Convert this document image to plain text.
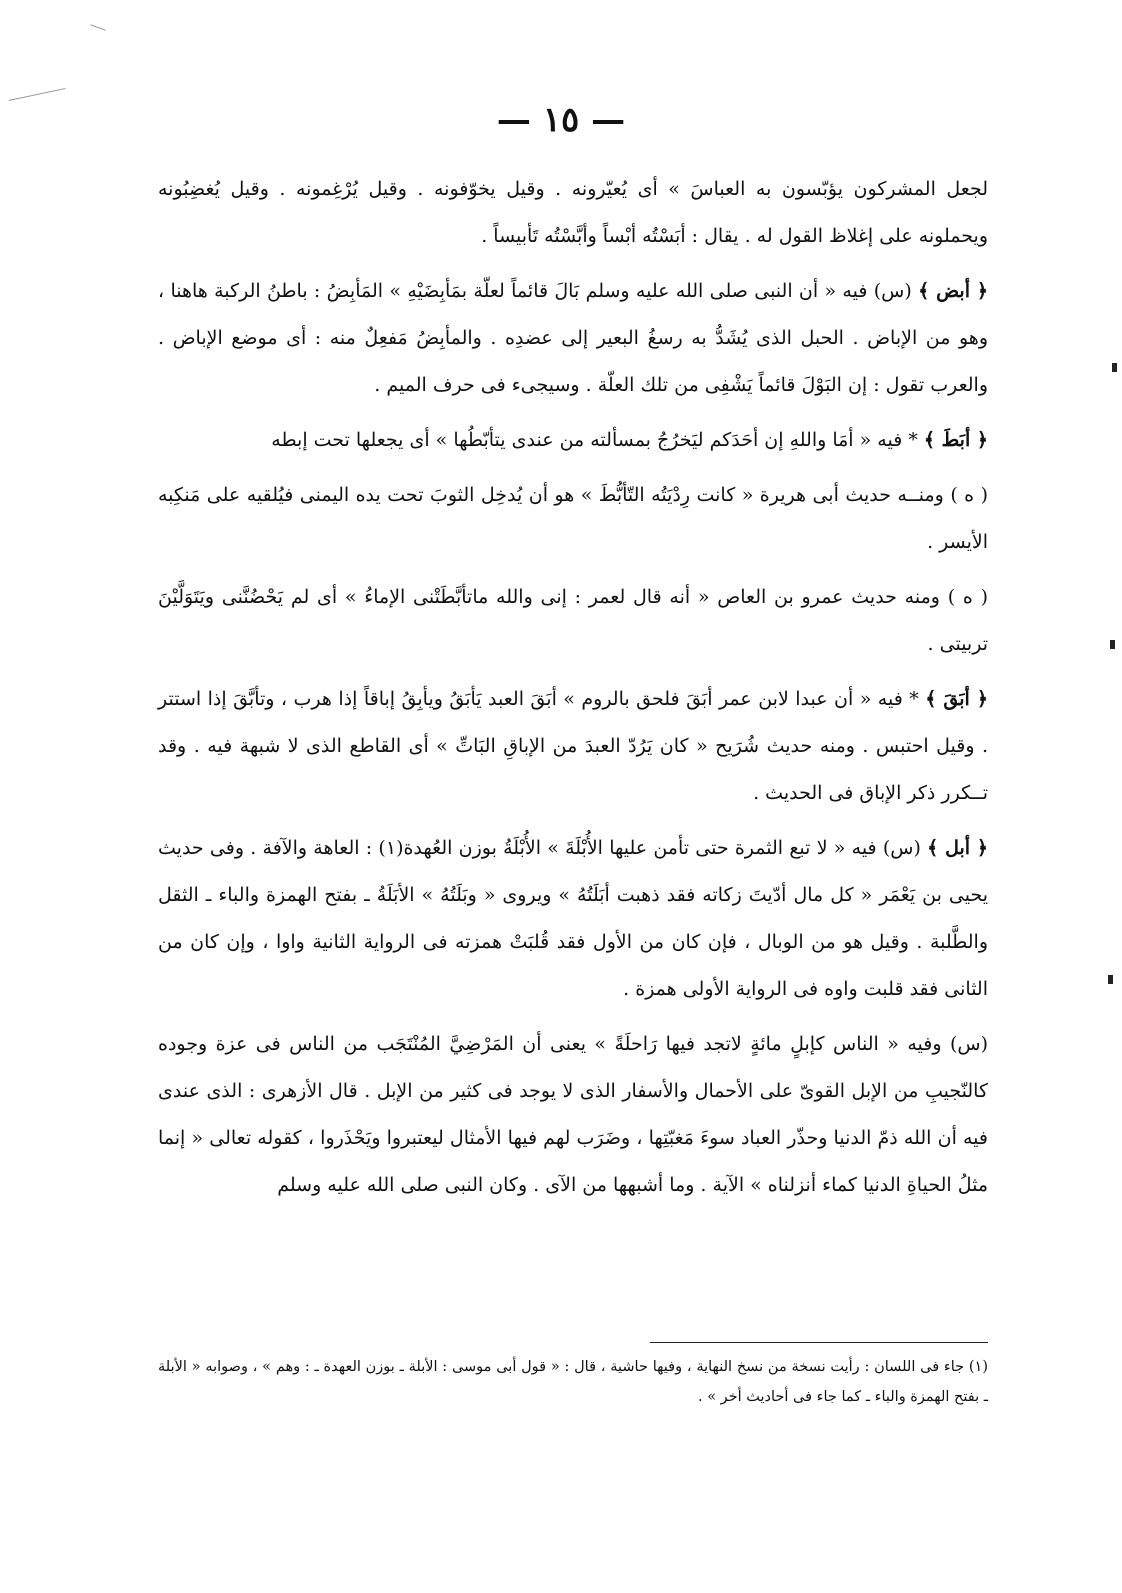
— ١٥ —

لجعل المشركون يؤبّسون به العباسَ » أى يُعيّرونه . وقيل يخوّفونه . وقيل يُرْغِمونه . وقيل يُغضِبُونه ويحملونه على إغلاظ القول له . يقال : أبَسْتُه أبْساً وأبَّسْتُه تَأبيساً .

﴿ أبض ﴾ (س) فيه « أن النبى صلى الله عليه وسلم بَالَ قائماً لعلّة بمَأبِضَيْهِ » المَأبِضُ : باطنُ الركبة هاهنا ، وهو من الإباض . الحبل الذى يُشَدُّ به رسغُ البعير إلى عضدِه . والمأبِضُ مَفعِلٌ منه : أى موضع الإباض . والعرب تقول : إن البَوْلَ قائماً يَشْفِى من تلك العلّة . وسيجىء فى حرف الميم .

﴿ أبَطَ ﴾ * فيه « أمَا واللهِ إن أحَدَكم ليَخرُجُ بمسألته من عندى يتأبّطُها » أى يجعلها تحت إبطه

( ه ) ومنــه حديث أبى هريرة « كانت رِدْيَتُه التّأبُّطَ » هو أن يُدخِل الثوبَ تحت يده اليمنى فيُلقيه على مَنكِبه الأيسر .

( ه ) ومنه حديث عمرو بن العاص « أنه قال لعمر : إنى والله ماتأبَّطَتْنى الإماءُ » أى لم يَحْضُنَّنى ويَتَوَلَّيْنَ تربيتى .

﴿ أبَقَ ﴾ * فيه « أن عبدا لابن عمر أبَقَ فلحق بالروم » أبَقَ العبد يَأبَقُ ويأبِقُ إباقاً إذا هرب ، وتأبَّقَ إذا استتر . وقيل احتبس . ومنه حديث شُرَيح « كان يَرُدّ العبدَ من الإباقِ البَاتِّ » أى القاطع الذى لا شبهة فيه . وقد تــكرر ذكر الإباق فى الحديث .

﴿ أبل ﴾ (س) فيه « لا تبع الثمرة حتى تأمن عليها الأُبْلَةَ » الأُبْلَةُ بوزن العُهدة(١) : العاهة والآفة . وفى حديث يحيى بن يَعْمَر « كل مال أدّيتَ زكاته فقد ذهبت أبَلَتُهُ » ويروى « وبَلَتُهُ » الأبَلَةُ ـ بفتح الهمزة والباء ـ الثقل والطَّلبة . وقيل هو من الوبال ، فإن كان من الأول فقد قُلبَتْ همزته فى الرواية الثانية واوا ، وإن كان من الثانى فقد قلبت واوه فى الرواية الأولى همزة .

(س) وفيه « الناس كإبلٍ مائةٍ لاتجد فيها رَاحلَةً » يعنى أن المَرْضِيَّ المُنْتَجَب من الناس فى عزة وجوده كالنّجيبِ من الإبل القوىّ على الأحمال والأسفار الذى لا يوجد فى كثير من الإبل . قال الأزهرى : الذى عندى فيه أن الله ذمّ الدنيا وحذّر العباد سوءَ مَغبّتِها ، وضَرَب لهم فيها الأمثال ليعتبروا ويَحْذَروا ، كقوله تعالى « إنما مثلُ الحياةِ الدنيا كماء أنزلناه » الآية . وما أشبهها من الآى . وكان النبى صلى الله عليه وسلم

(١) جاء فى اللسان : رأيت نسخة من نسخ النهاية ، وفيها حاشية ، قال : « قول أبى موسى : الأبلة ـ بوزن العهدة ـ : وهم » ، وصوابه « الأبلة ـ بفتح الهمزة والباء ـ كما جاء فى أحاديث أخر » .
